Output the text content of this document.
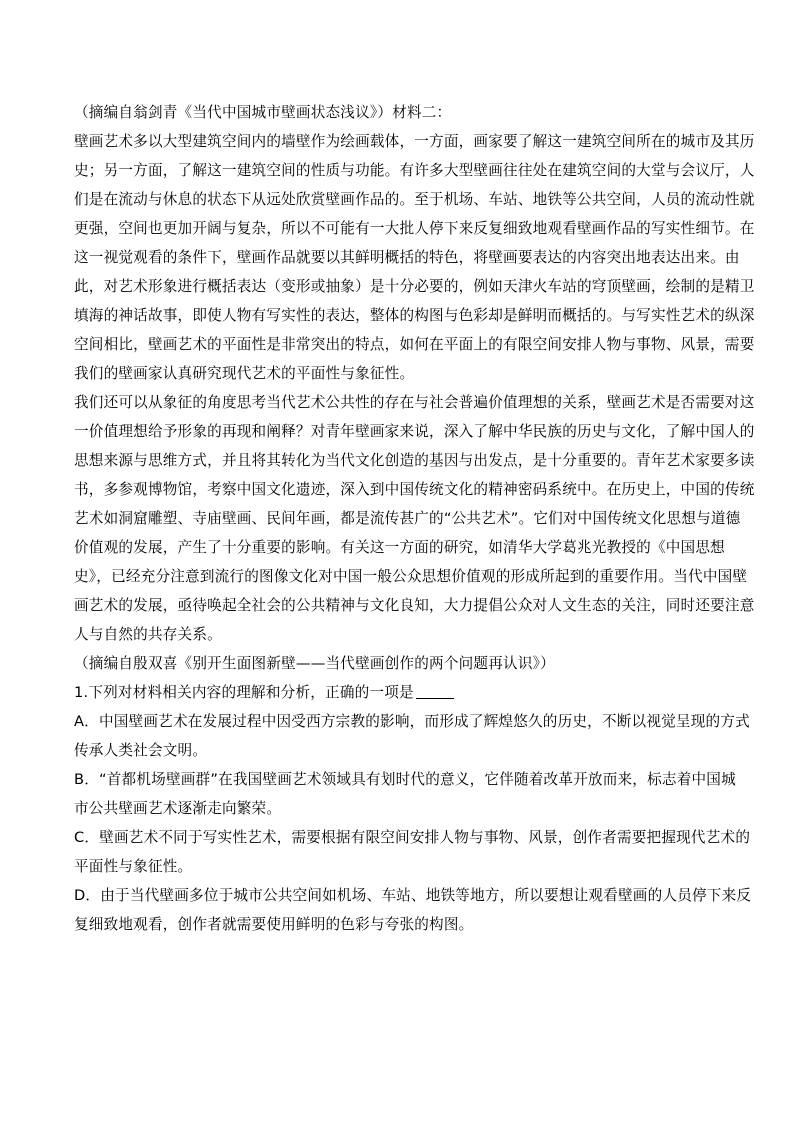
（摘编自翁剑青《当代中国城市壁画状态浅议》）材料二：
壁画艺术多以大型建筑空间内的墙壁作为绘画载体，一方面，画家要了解这一建筑空间所在的城市及其历
史；另一方面，了解这一建筑空间的性质与功能。有许多大型壁画往往处在建筑空间的大堂与会议厅，人
们是在流动与休息的状态下从远处欣赏壁画作品的。至于机场、车站、地铁等公共空间，人员的流动性就
更强，空间也更加开阔与复杂，所以不可能有一大批人停下来反复细致地观看壁画作品的写实性细节。在
这一视觉观看的条件下，壁画作品就要以其鲜明概括的特色，将壁画要表达的内容突出地表达出来。由
此，对艺术形象进行概括表达（变形或抽象）是十分必要的，例如天津火车站的穹顶壁画，绘制的是精卫
填海的神话故事，即使人物有写实性的表达，整体的构图与色彩却是鲜明而概括的。与写实性艺术的纵深
空间相比，壁画艺术的平面性是非常突出的特点，如何在平面上的有限空间安排人物与事物、风景，需要
我们的壁画家认真研究现代艺术的平面性与象征性。
我们还可以从象征的角度思考当代艺术公共性的存在与社会普遍价值理想的关系，壁画艺术是否需要对这
一价值理想给予形象的再现和阐释？对青年壁画家来说，深入了解中华民族的历史与文化，了解中国人的
思想来源与思维方式，并且将其转化为当代文化创造的基因与出发点，是十分重要的。青年艺术家要多读
书，多参观博物馆，考察中国文化遗迹，深入到中国传统文化的精神密码系统中。在历史上，中国的传统
艺术如洞窟雕塑、寺庙壁画、民间年画，都是流传甚广的“公共艺术”。它们对中国传统文化思想与道德
价值观的发展，产生了十分重要的影响。有关这一方面的研究，如清华大学葛兆光教授的《中国思想
史》，已经充分注意到流行的图像文化对中国一般公众思想价值观的形成所起到的重要作用。当代中国壁
画艺术的发展，亟待唤起全社会的公共精神与文化良知，大力提倡公众对人文生态的关注，同时还要注意
人与自然的共存关系。
（摘编自殷双喜《别开生面图新壁——当代壁画创作的两个问题再认识》）
1.下列对材料相关内容的理解和分析，正确的一项是
A．中国壁画艺术在发展过程中因受西方宗教的影响，而形成了辉煌悠久的历史，不断以视觉呈现的方式
传承人类社会文明。
B．“首都机场壁画群”在我国壁画艺术领域具有划时代的意义，它伴随着改革开放而来，标志着中国城
市公共壁画艺术逐渐走向繁荣。
C．壁画艺术不同于写实性艺术，需要根据有限空间安排人物与事物、风景，创作者需要把握现代艺术的
平面性与象征性。
D．由于当代壁画多位于城市公共空间如机场、车站、地铁等地方，所以要想让观看壁画的人员停下来反
复细致地观看，创作者就需要使用鲜明的色彩与夸张的构图。
